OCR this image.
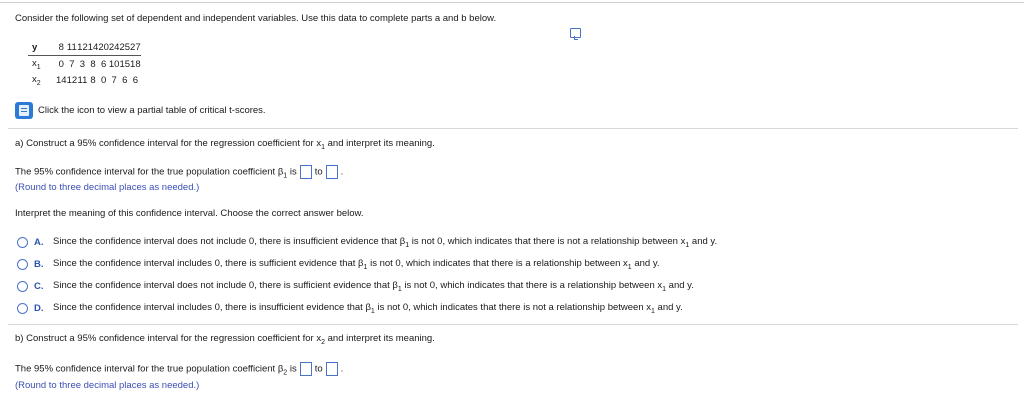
Consider the following set of dependent and independent variables. Use this data to complete parts a and b below.
y	8	11	12	14	20	24	25	27
$x_1$	0	7	3	8	6	10	15	18
$x_2$	14	12	11	8	0	7	6	6
Click the icon to view a partial table of critical t-scores.
a) Construct a 95% confidence interval for the regression coefficient for $x_1$ and interpret its meaning.
The 95% confidence interval for the true population coefficient $\beta_1$ is to .
(Round to three decimal places as needed.)
Interpret the meaning of this confidence interval. Choose the correct answer below.
A.	Since the confidence interval does not include 0, there is insufficient evidence that $\beta_1$ is not 0, which indicates that there is not a relationship between $x_1$ and y.
B.	Since the confidence interval includes 0, there is sufficient evidence that $\beta_1$ is not 0, which indicates that there is a relationship between $x_1$ and y.
C.	Since the confidence interval does not include 0, there is sufficient evidence that $\beta_1$ is not 0, which indicates that there is a relationship between $x_1$ and y.
D.	Since the confidence interval includes 0, there is insufficient evidence that $\beta_1$ is not 0, which indicates that there is not a relationship between $x_1$ and y.
b) Construct a 95% confidence interval for the regression coefficient for $x_2$ and interpret its meaning.
The 95% confidence interval for the true population coefficient $\beta_2$ is to .
(Round to three decimal places as needed.)
